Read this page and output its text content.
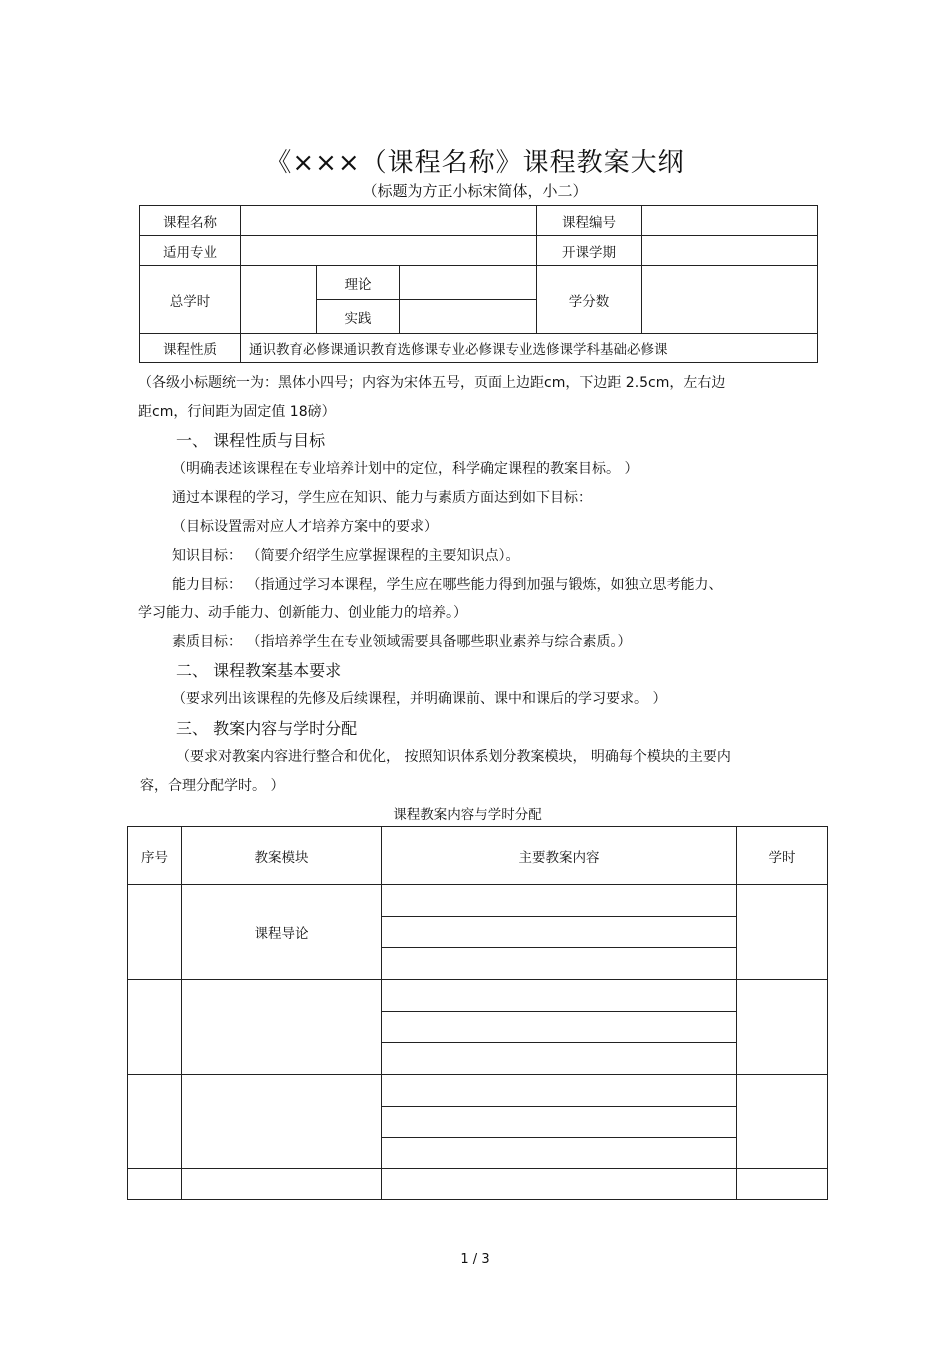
《×××（课程名称》课程教案大纲
（标题为方正小标宋简体，小二）
课程名称				课程编号	
适用专业				开课学期	
总学时		理论		学分数	
		实践			
课程性质	通识教育必修课通识教育选修课专业必修课专业选修课学科基础必修课				
（各级小标题统一为：黑体小四号；内容为宋体五号，页面上边距cm，下边距 2.5cm，左右边
距cm，行间距为固定值 18磅）
一、 课程性质与目标
（明确表述该课程在专业培养计划中的定位，科学确定课程的教案目标。 ）
通过本课程的学习，学生应在知识、能力与素质方面达到如下目标：
（目标设置需对应人才培养方案中的要求）
知识目标： （简要介绍学生应掌握课程的主要知识点）。
能力目标： （指通过学习本课程，学生应在哪些能力得到加强与锻炼，如独立思考能力、
学习能力、动手能力、创新能力、创业能力的培养。）
素质目标： （指培养学生在专业领域需要具备哪些职业素养与综合素质。）
二、 课程教案基本要求
（要求列出该课程的先修及后续课程，并明确课前、课中和课后的学习要求。 ）
三、 教案内容与学时分配
（要求对教案内容进行整合和优化， 按照知识体系划分教案模块， 明确每个模块的主要内
容，合理分配学时。 ）
课程教案内容与学时分配
序号	教案模块	主要教案内容	学时
	课程导论		

1 / 3
